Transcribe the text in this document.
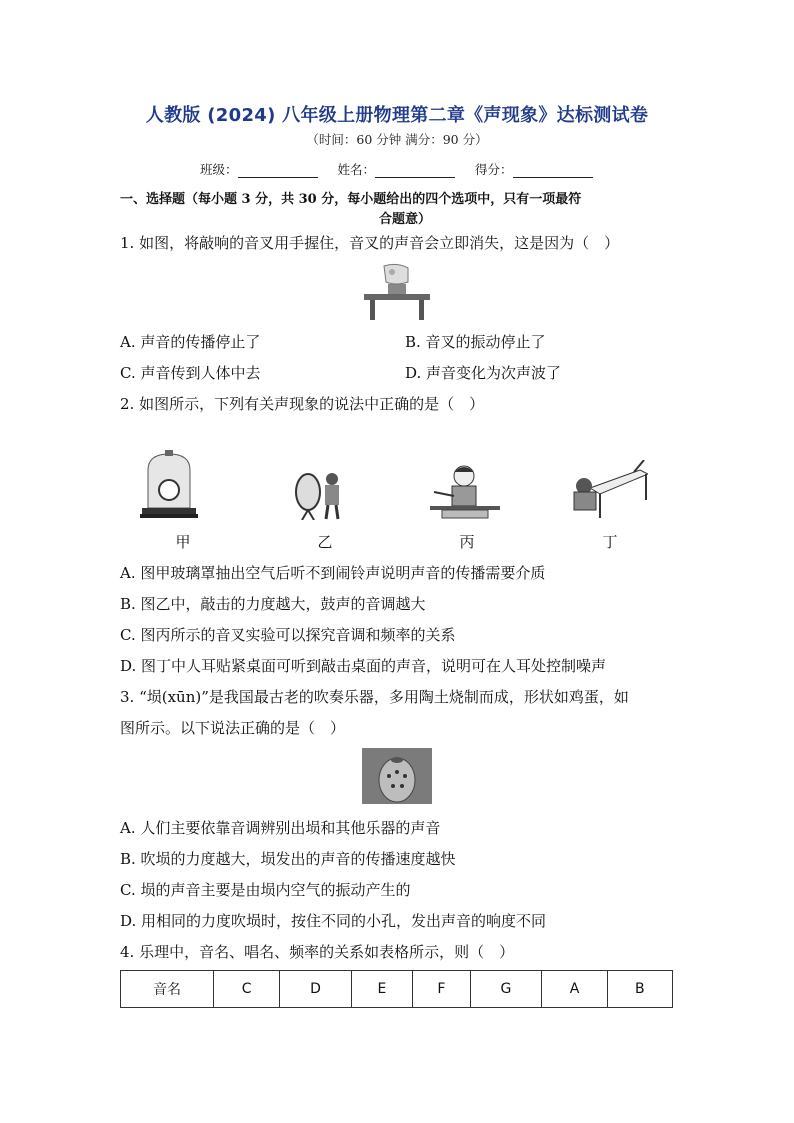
人教版 (2024) 八年级上册物理第二章《声现象》达标测试卷
（时间：60 分钟 满分：90 分）
班级：	姓名：	得分：
一、选择题（每小题 3 分，共 30 分，每小题给出的四个选项中，只有一项最符
合题意）
1. 如图，将敲响的音叉用手握住，音叉的声音会立即消失，这是因为（　）
A. 声音的传播停止了	B. 音叉的振动停止了
C. 声音传到人体中去	D. 声音变化为次声波了
2. 如图所示，下列有关声现象的说法中正确的是（　）
甲	乙	丙	丁
A. 图甲玻璃罩抽出空气后听不到闹铃声说明声音的传播需要介质
B. 图乙中，敲击的力度越大，鼓声的音调越大
C. 图丙所示的音叉实验可以探究音调和频率的关系
D. 图丁中人耳贴紧桌面可听到敲击桌面的声音，说明可在人耳处控制噪声
3. “埙(xūn)”是我国最古老的吹奏乐器，多用陶土烧制而成，形状如鸡蛋，如
图所示。以下说法正确的是（　）
A. 人们主要依靠音调辨别出埙和其他乐器的声音
B. 吹埙的力度越大，埙发出的声音的传播速度越快
C. 埙的声音主要是由埙内空气的振动产生的
D. 用相同的力度吹埙时，按住不同的小孔，发出声音的响度不同
4. 乐理中，音名、唱名、频率的关系如表格所示，则（　）
音名	C	D	E	F	G	A	B
